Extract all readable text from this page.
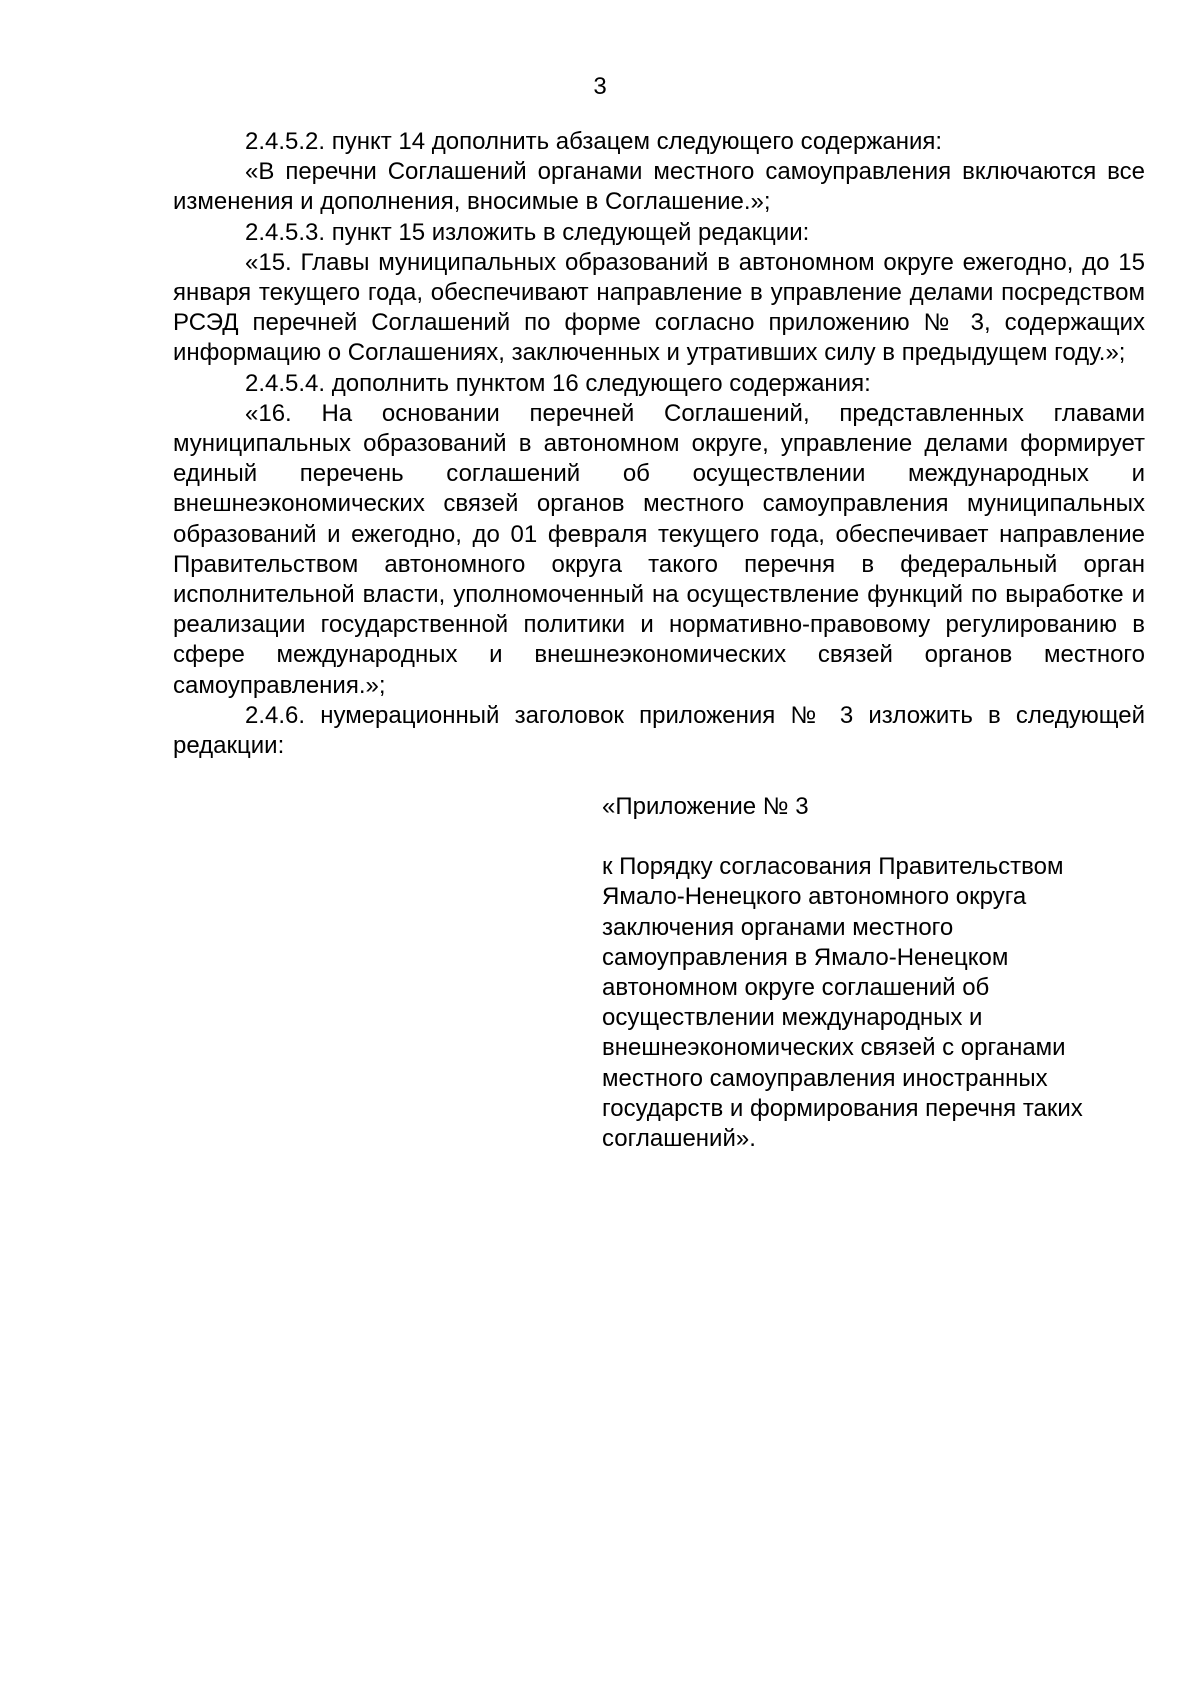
3

2.4.5.2. пункт 14 дополнить абзацем следующего содержания:

«В перечни Соглашений органами местного самоуправления включаются все изменения и дополнения, вносимые в Соглашение.»;

2.4.5.3. пункт 15 изложить в следующей редакции:

«15. Главы муниципальных образований в автономном округе ежегодно, до 15 января текущего года, обеспечивают направление в управление делами посредством РСЭД перечней Соглашений по форме согласно приложению № 3, содержащих информацию о Соглашениях, заключенных и утративших силу в предыдущем году.»;

2.4.5.4. дополнить пунктом 16 следующего содержания:

«16. На основании перечней Соглашений, представленных главами муниципальных образований в автономном округе, управление делами формирует единый перечень соглашений об осуществлении международных и внешнеэкономических связей органов местного самоуправления муниципальных образований и ежегодно, до 01 февраля текущего года, обеспечивает направление Правительством автономного округа такого перечня в федеральный орган исполнительной власти, уполномоченный на осуществление функций по выработке и реализации государственной политики и нормативно-правовому регулированию в сфере международных и внешнеэкономических связей органов местного самоуправления.»;

2.4.6. нумерационный заголовок приложения № 3 изложить в следующей редакции:

«Приложение № 3

к Порядку согласования Правительством
Ямало-Ненецкого автономного округа
заключения органами местного
самоуправления в Ямало-Ненецком
автономном округе соглашений об
осуществлении международных и
внешнеэкономических связей с органами
местного самоуправления иностранных
государств и формирования перечня таких
соглашений».
